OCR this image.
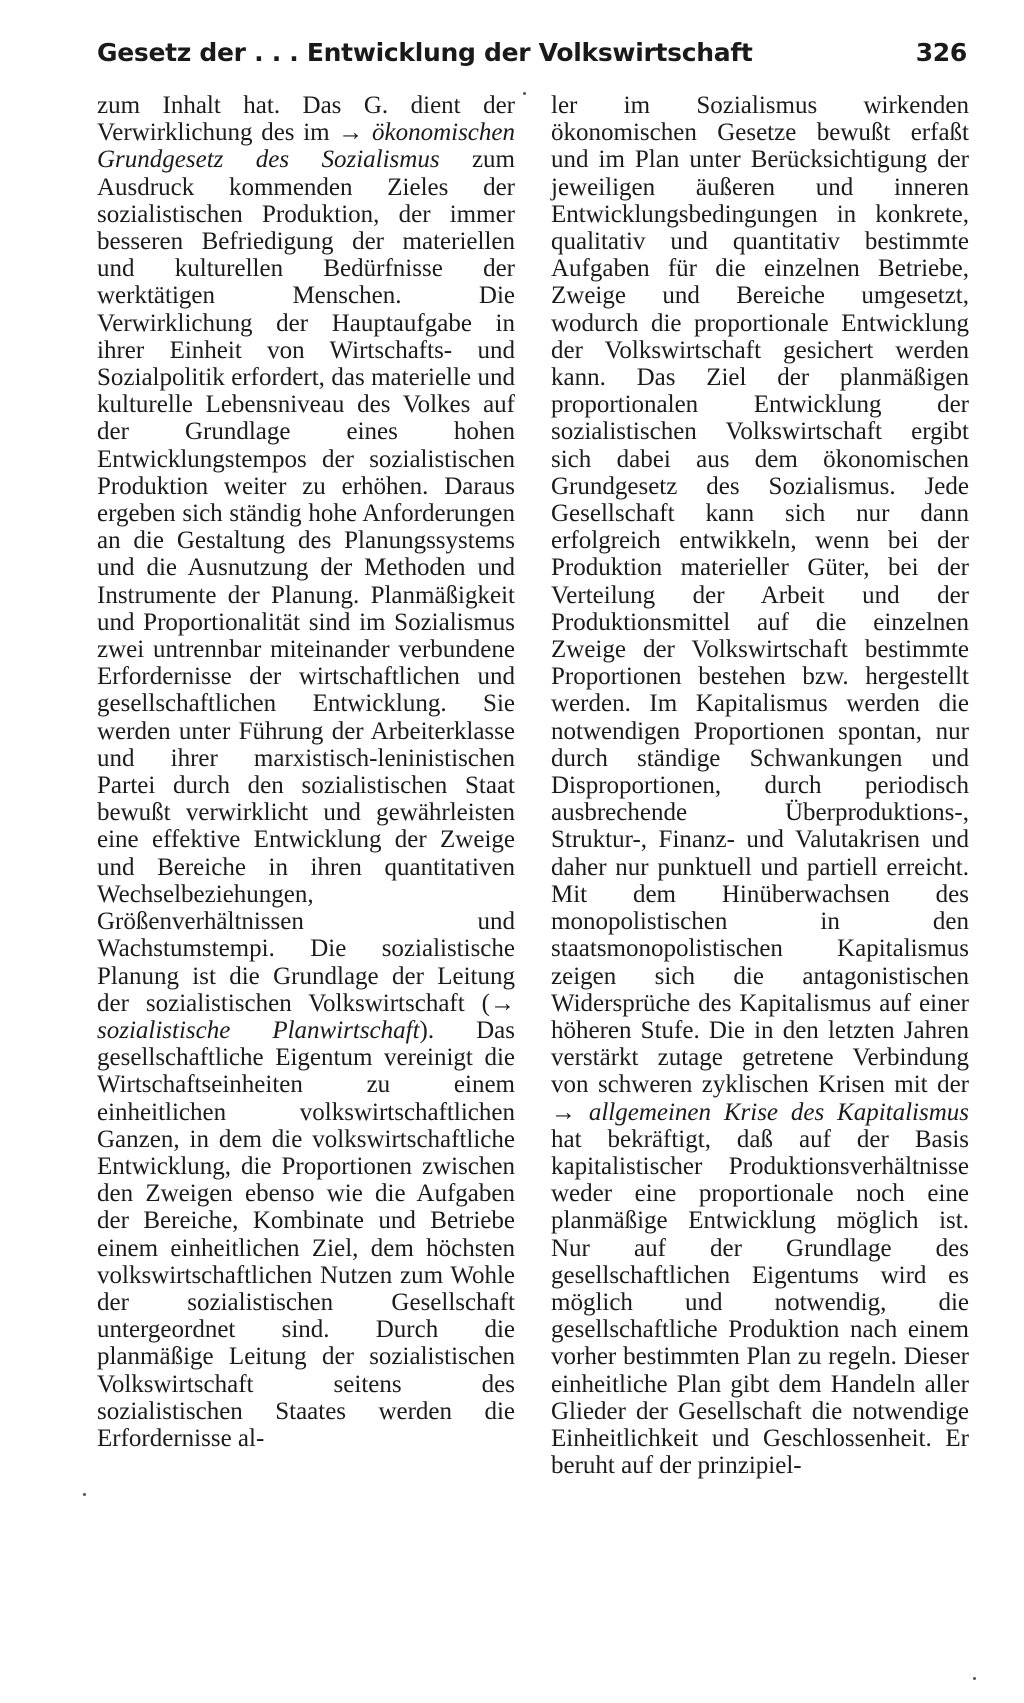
Gesetz der . . . Entwicklung der Volkswirtschaft	326

zum Inhalt hat. Das G. dient der Verwirklichung des im → ökonomischen Grundgesetz des Sozialismus zum Ausdruck kommenden Zieles der sozialistischen Produktion, der immer besseren Befriedigung der materiellen und kulturellen Bedürfnisse der werktätigen Menschen. Die Verwirklichung der Hauptaufgabe in ihrer Einheit von Wirtschafts- und Sozialpolitik erfordert, das materielle und kulturelle Lebensniveau des Volkes auf der Grundlage eines hohen Entwicklungstempos der sozialistischen Produktion weiter zu erhöhen. Daraus ergeben sich ständig hohe Anforderungen an die Gestaltung des Planungssystems und die Ausnutzung der Methoden und Instrumente der Planung. Planmäßigkeit und Proportionalität sind im Sozialismus zwei untrennbar miteinander verbundene Erfordernisse der wirtschaftlichen und gesellschaftlichen Entwicklung. Sie werden unter Führung der Arbeiterklasse und ihrer marxistisch-leninistischen Partei durch den sozialistischen Staat bewußt verwirklicht und gewährleisten eine effektive Entwicklung der Zweige und Bereiche in ihren quantitativen Wechselbeziehungen, Größenverhältnissen und Wachstumstempi. Die sozialistische Planung ist die Grundlage der Leitung der sozialistischen Volkswirtschaft (→ sozialistische Planwirtschaft). Das gesellschaftliche Eigentum vereinigt die Wirtschaftseinheiten zu einem einheitlichen volkswirtschaftlichen Ganzen, in dem die volkswirtschaftliche Entwicklung, die Proportionen zwischen den Zweigen ebenso wie die Aufgaben der Bereiche, Kombinate und Betriebe einem einheitlichen Ziel, dem höchsten volkswirtschaftlichen Nutzen zum Wohle der sozialistischen Gesellschaft untergeordnet sind. Durch die planmäßige Leitung der sozialistischen Volkswirtschaft seitens des sozialistischen Staates werden die Erfordernisse al-

ler im Sozialismus wirkenden ökonomischen Gesetze bewußt erfaßt und im Plan unter Berücksichtigung der jeweiligen äußeren und inneren Entwicklungsbedingungen in konkrete, qualitativ und quantitativ bestimmte Aufgaben für die einzelnen Betriebe, Zweige und Bereiche umgesetzt, wodurch die proportionale Entwicklung der Volkswirtschaft gesichert werden kann. Das Ziel der planmäßigen proportionalen Entwicklung der sozialistischen Volkswirtschaft ergibt sich dabei aus dem ökonomischen Grundgesetz des Sozialismus. Jede Gesellschaft kann sich nur dann erfolgreich entwikkeln, wenn bei der Produktion materieller Güter, bei der Verteilung der Arbeit und der Produktionsmittel auf die einzelnen Zweige der Volkswirtschaft bestimmte Proportionen bestehen bzw. hergestellt werden. Im Kapitalismus werden die notwendigen Proportionen spontan, nur durch ständige Schwankungen und Disproportionen, durch periodisch ausbrechende Überproduktions-, Struktur-, Finanz- und Valutakrisen und daher nur punktuell und partiell erreicht. Mit dem Hinüberwachsen des monopolistischen in den staatsmonopolistischen Kapitalismus zeigen sich die antagonistischen Widersprüche des Kapitalismus auf einer höheren Stufe. Die in den letzten Jahren verstärkt zutage getretene Verbindung von schweren zyklischen Krisen mit der → allgemeinen Krise des Kapitalismus hat bekräftigt, daß auf der Basis kapitalistischer Produktionsverhältnisse weder eine proportionale noch eine planmäßige Entwicklung möglich ist. Nur auf der Grundlage des gesellschaftlichen Eigentums wird es möglich und notwendig, die gesellschaftliche Produktion nach einem vorher bestimmten Plan zu regeln. Dieser einheitliche Plan gibt dem Handeln aller Glieder der Gesellschaft die notwendige Einheitlichkeit und Geschlossenheit. Er beruht auf der prinzipiel-
